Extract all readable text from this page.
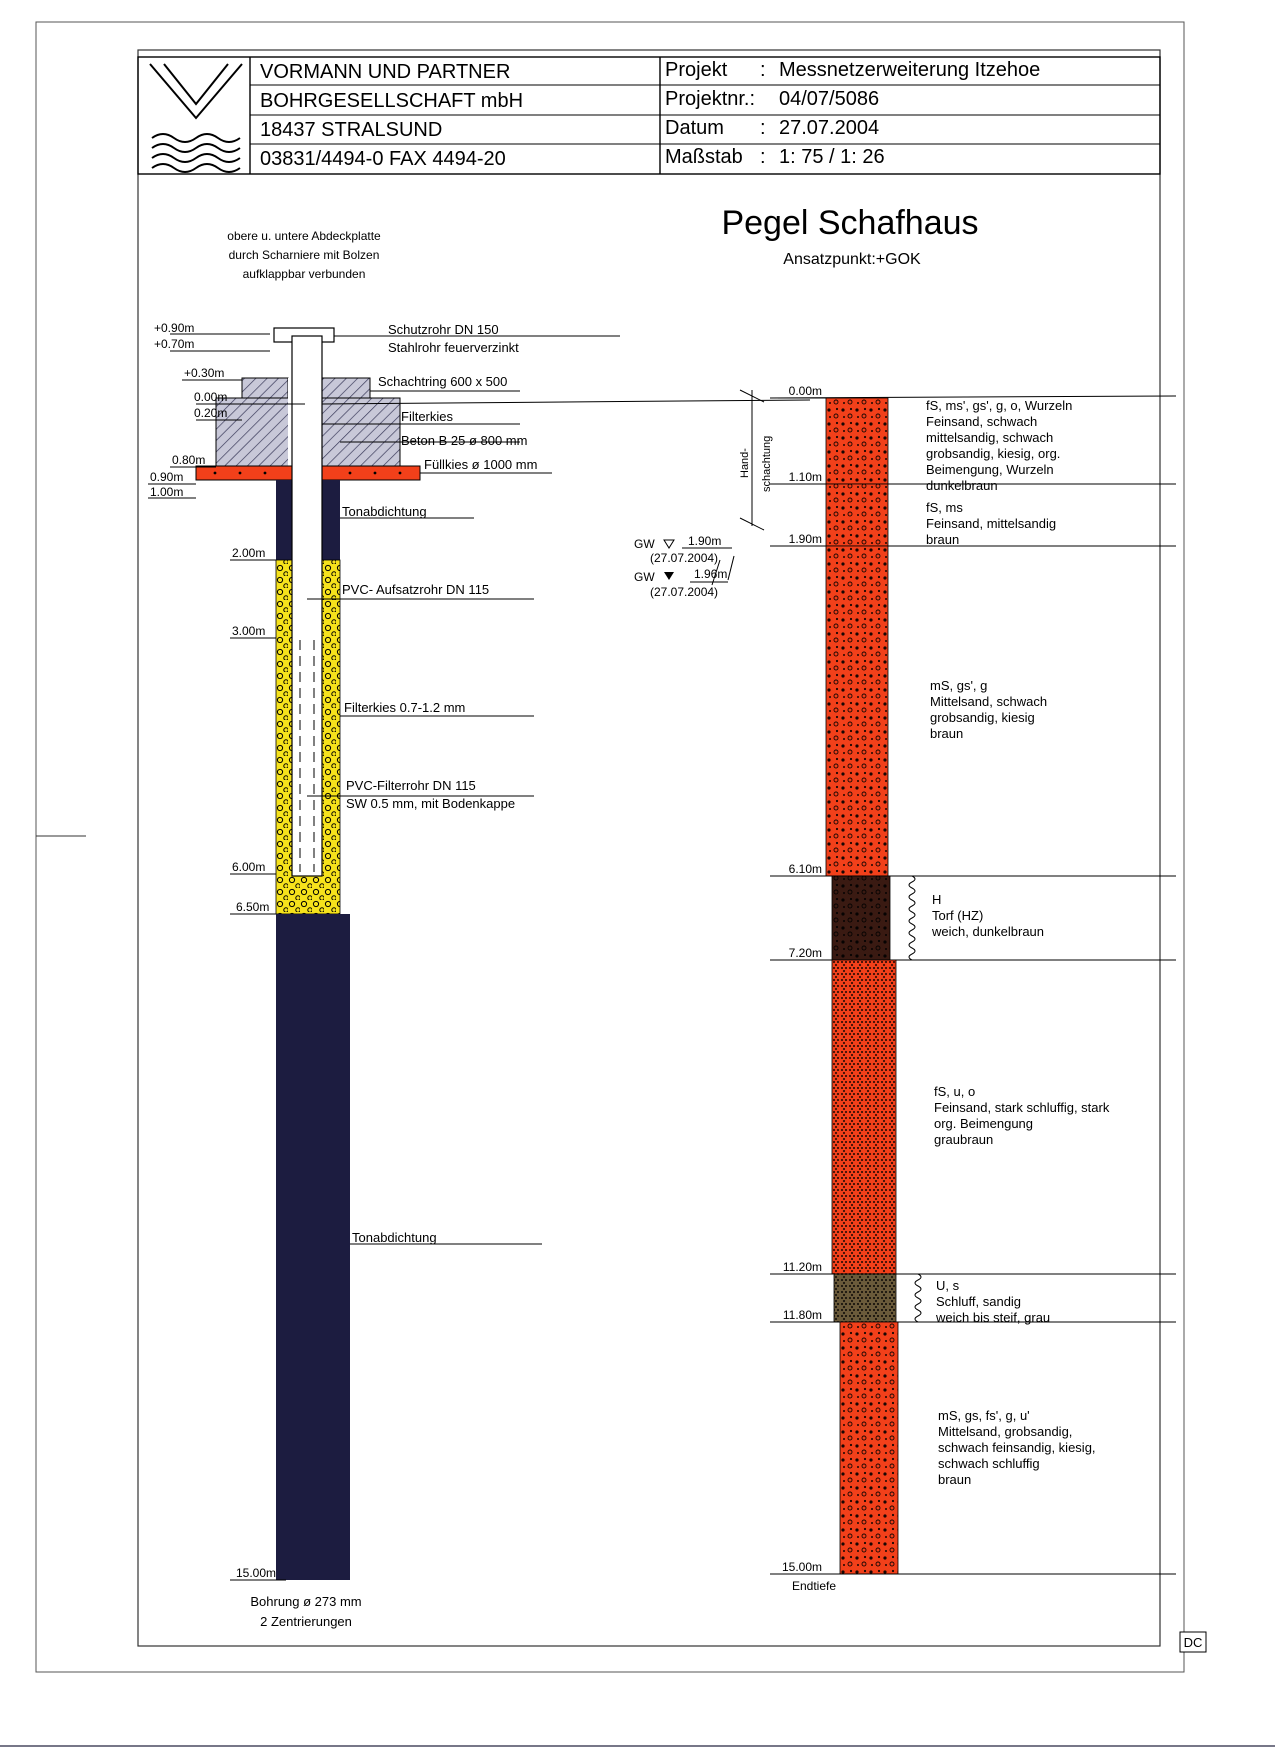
VORMANN UND PARTNER
BOHRGESELLSCHAFT mbH
18437 STRALSUND
03831/4494-0 FAX 4494-20
Projekt : Messnetzerweiterung Itzehoe
Projektnr.: 04/07/5086
Datum : 27.07.2004
Maßstab : 1: 75 / 1: 26
Pegel Schafhaus
Ansatzpunkt:+GOK
obere u. untere Abdeckplatte
durch Scharniere mit Bolzen
aufklappbar verbunden
+0.90m
+0.70m
+0.30m
0.00m
0.20m
0.80m
0.90m
1.00m
2.00m
3.00m
6.00m
6.50m
15.00m
Schutzrohr DN 150
Stahlrohr feuerverzinkt
Schachtring 600 x 500
Filterkies
Beton B 25 ø 800 mm
Füllkies ø 1000 mm
Tonabdichtung
PVC- Aufsatzrohr DN 115
Filterkies 0.7-1.2 mm
PVC-Filterrohr DN 115
SW 0.5 mm, mit Bodenkappe
Tonabdichtung
Bohrung ø 273 mm
2 Zentrierungen
GW	1.90m
(27.07.2004)
GW	1.96m
(27.07.2004)
Hand- schachtung
0.00m
1.10m
1.90m
6.10m
7.20m
11.20m
11.80m
15.00m
Endtiefe
fS, ms', gs', g, o, Wurzeln
Feinsand, schwach
mittelsandig, schwach
grobsandig, kiesig, org.
Beimengung, Wurzeln
dunkelbraun
fS, ms
Feinsand, mittelsandig
braun
mS, gs', g
Mittelsand, schwach
grobsandig, kiesig
braun
H
Torf (HZ)
weich, dunkelbraun
fS, u, o
Feinsand, stark schluffig, stark
org. Beimengung
graubraun
U, s
Schluff, sandig
weich bis steif, grau
mS, gs, fs', g, u'
Mittelsand, grobsandig,
schwach feinsandig, kiesig,
schwach schluffig
braun
DC
